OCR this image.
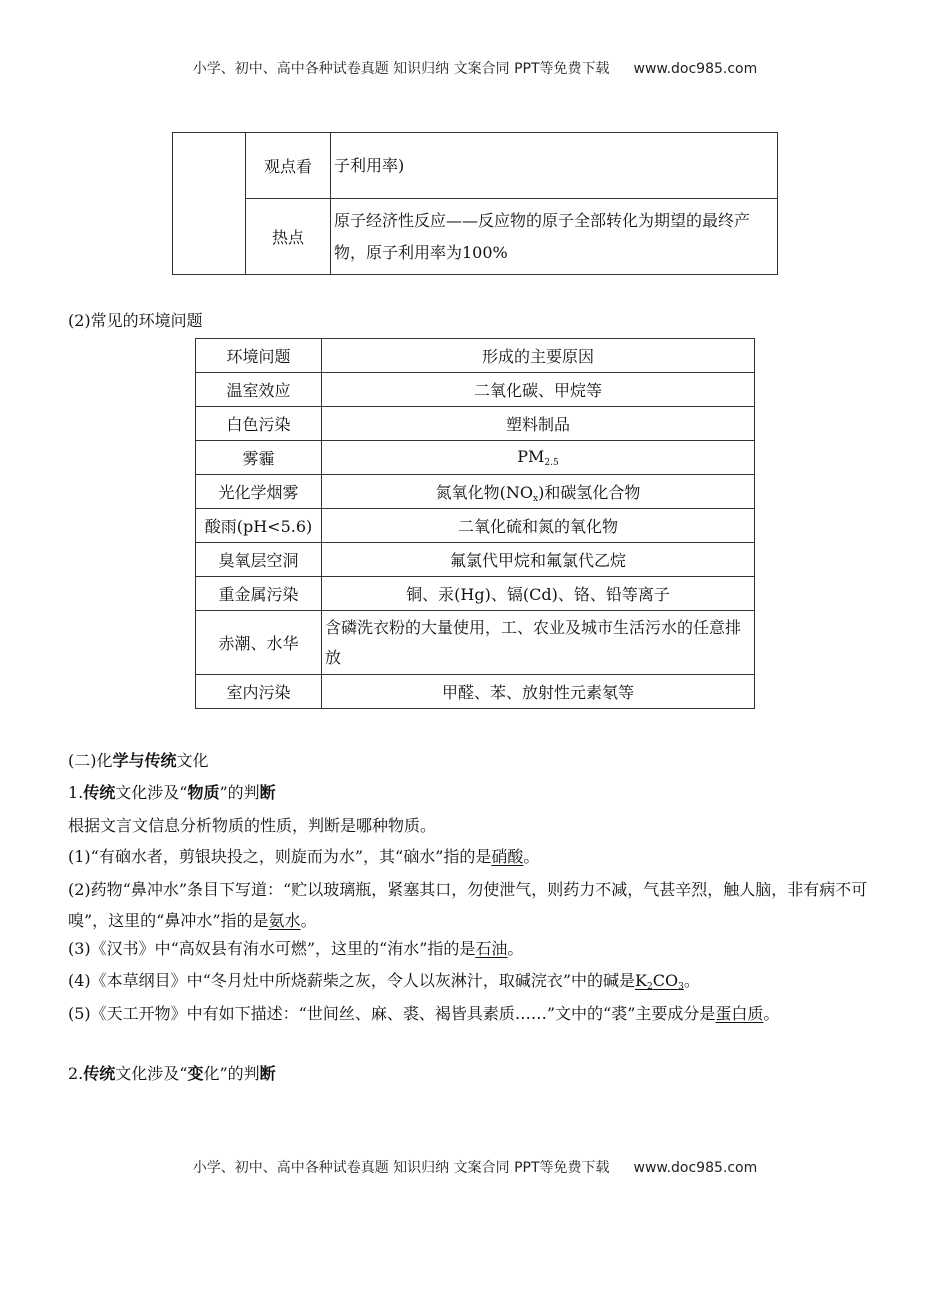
小学、初中、高中各种试卷真题 知识归纳 文案合同 PPT等免费下载 www.doc985.com
	观点看	子利用率)
	热点	原子经济性反应——反应物的原子全部转化为期望的最终产物，原子利用率为100%
(2)常见的环境问题
环境问题	形成的主要原因
温室效应	二氧化碳、甲烷等
白色污染	塑料制品
雾霾	$PM_{2.5}$
光化学烟雾	氮氧化物$(NO_x)$和碳氢化合物
酸雨(pH<5.6)	二氧化硫和氮的氧化物
臭氧层空洞	氟氯代甲烷和氟氯代乙烷
重金属污染	铜、汞(Hg)、镉(Cd)、铬、铅等离子
赤潮、水华	含磷洗衣粉的大量使用，工、农业及城市生活污水的任意排放
室内污染	甲醛、苯、放射性元素氡等
(二)化学与传统文化
1.传统文化涉及“物质”的判断
根据文言文信息分析物质的性质，判断是哪种物质。
(1)“有硇水者，剪银块投之，则旋而为水”，其“硇水”指的是硝酸。
(2)药物“鼻冲水”条目下写道：“贮以玻璃瓶，紧塞其口，勿使泄气，则药力不减，气甚辛烈，触人脑，非有病不可嗅”，这里的“鼻冲水”指的是氨水。
(3)《汉书》中“高奴县有洧水可燃”，这里的“洧水”指的是石油。
(4)《本草纲目》中“冬月灶中所烧薪柴之灰，令人以灰淋汁，取碱浣衣”中的碱是$K_2CO_3$。
(5)《天工开物》中有如下描述：“世间丝、麻、裘、褐皆具素质……”文中的“裘”主要成分是蛋白质。
2.传统文化涉及“变化”的判断
小学、初中、高中各种试卷真题 知识归纳 文案合同 PPT等免费下载 www.doc985.com
